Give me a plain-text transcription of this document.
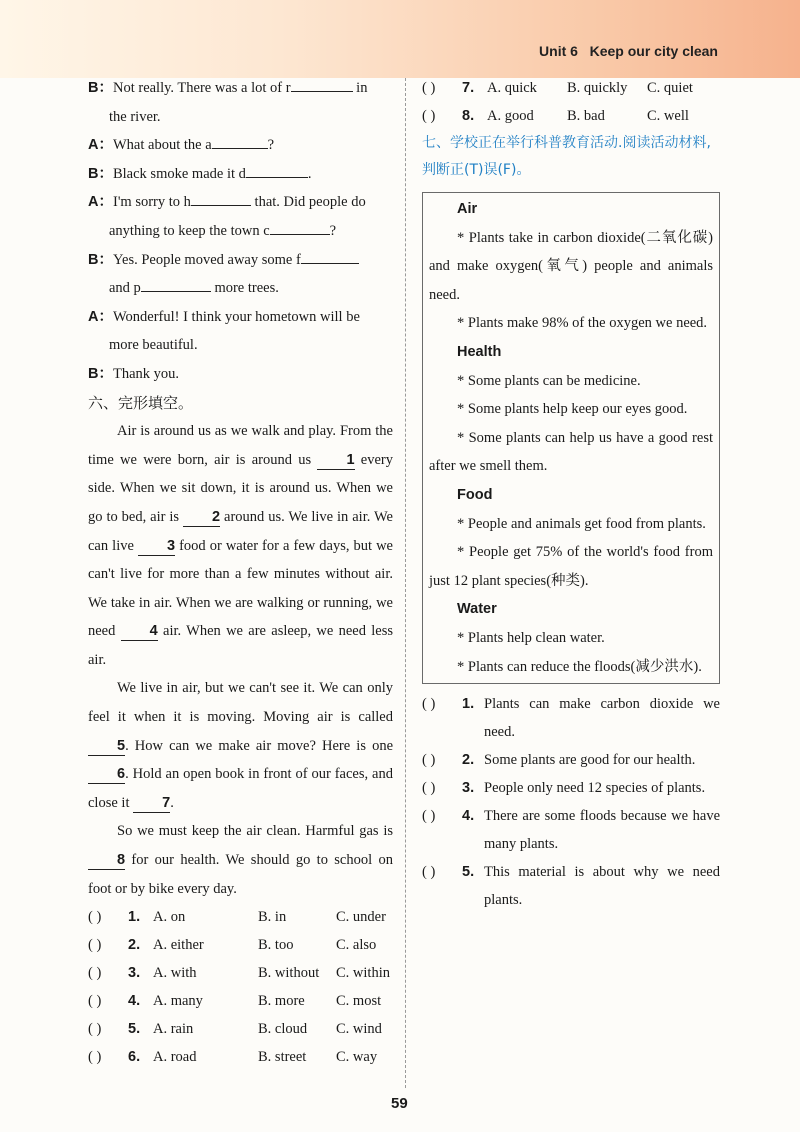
Unit 6 Keep our city clean
B：Not really. There was a lot of r	in
the river.
A：What about the a	?
B：Black smoke made it d	.
A：I'm sorry to h	that. Did people do
anything to keep the town c	?
B：Yes. People moved away some f
and p	more trees.
A：Wonderful! I think your hometown will be
more beautiful.
B：Thank you.
六、完形填空。

Air is around us as we walk and play. From the time we were born, air is around us 1 every side. When we sit down, it is around us. When we go to bed, air is 2 around us. We live in air. We can live 3 food or water for a few days, but we can't live for more than a few minutes without air. We take in air. When we are walking or running, we need 4 air. When we are asleep, we need less air.

We live in air, but we can't see it. We can only feel it when it is moving. Moving air is called 5. How can we make air move? Here is one 6. Hold an open book in front of our faces, and close it 7.

So we must keep the air clean. Harmful gas is 8 for our health. We should go to school on foot or by bike every day.

( )	1. A. on	B. in	C. under
( )	2. A. either	B. too	C. also
( )	3. A. with	B. without	C. within
( )	4. A. many	B. more	C. most
( )	5. A. rain	B. cloud	C. wind
( )	6. A. road	B. street	C. way
( )	7. A. quick	B. quickly	C. quiet
( )	8. A. good	B. bad	C. well
七、学校正在举行科普教育活动.阅读活动材料,判断正(T)误(F)。
Air

* Plants take in carbon dioxide(二氧化碳) and make oxygen(氧气) people and animals need.

* Plants make 98% of the oxygen we need.

Health

* Some plants can be medicine.

* Some plants help keep our eyes good.

* Some plants can help us have a good rest after we smell them.

Food

* People and animals get food from plants.

* People get 75% of the world's food from just 12 plant species(种类).

Water

* Plants help clean water.

* Plants can reduce the floods(减少洪水).

( )	1. Plants can make carbon dioxide we need.
( )	2. Some plants are good for our health.
( )	3. People only need 12 species of plants.
( )	4. There are some floods because we have many plants.
( )	5. This material is about why we need plants.
59
